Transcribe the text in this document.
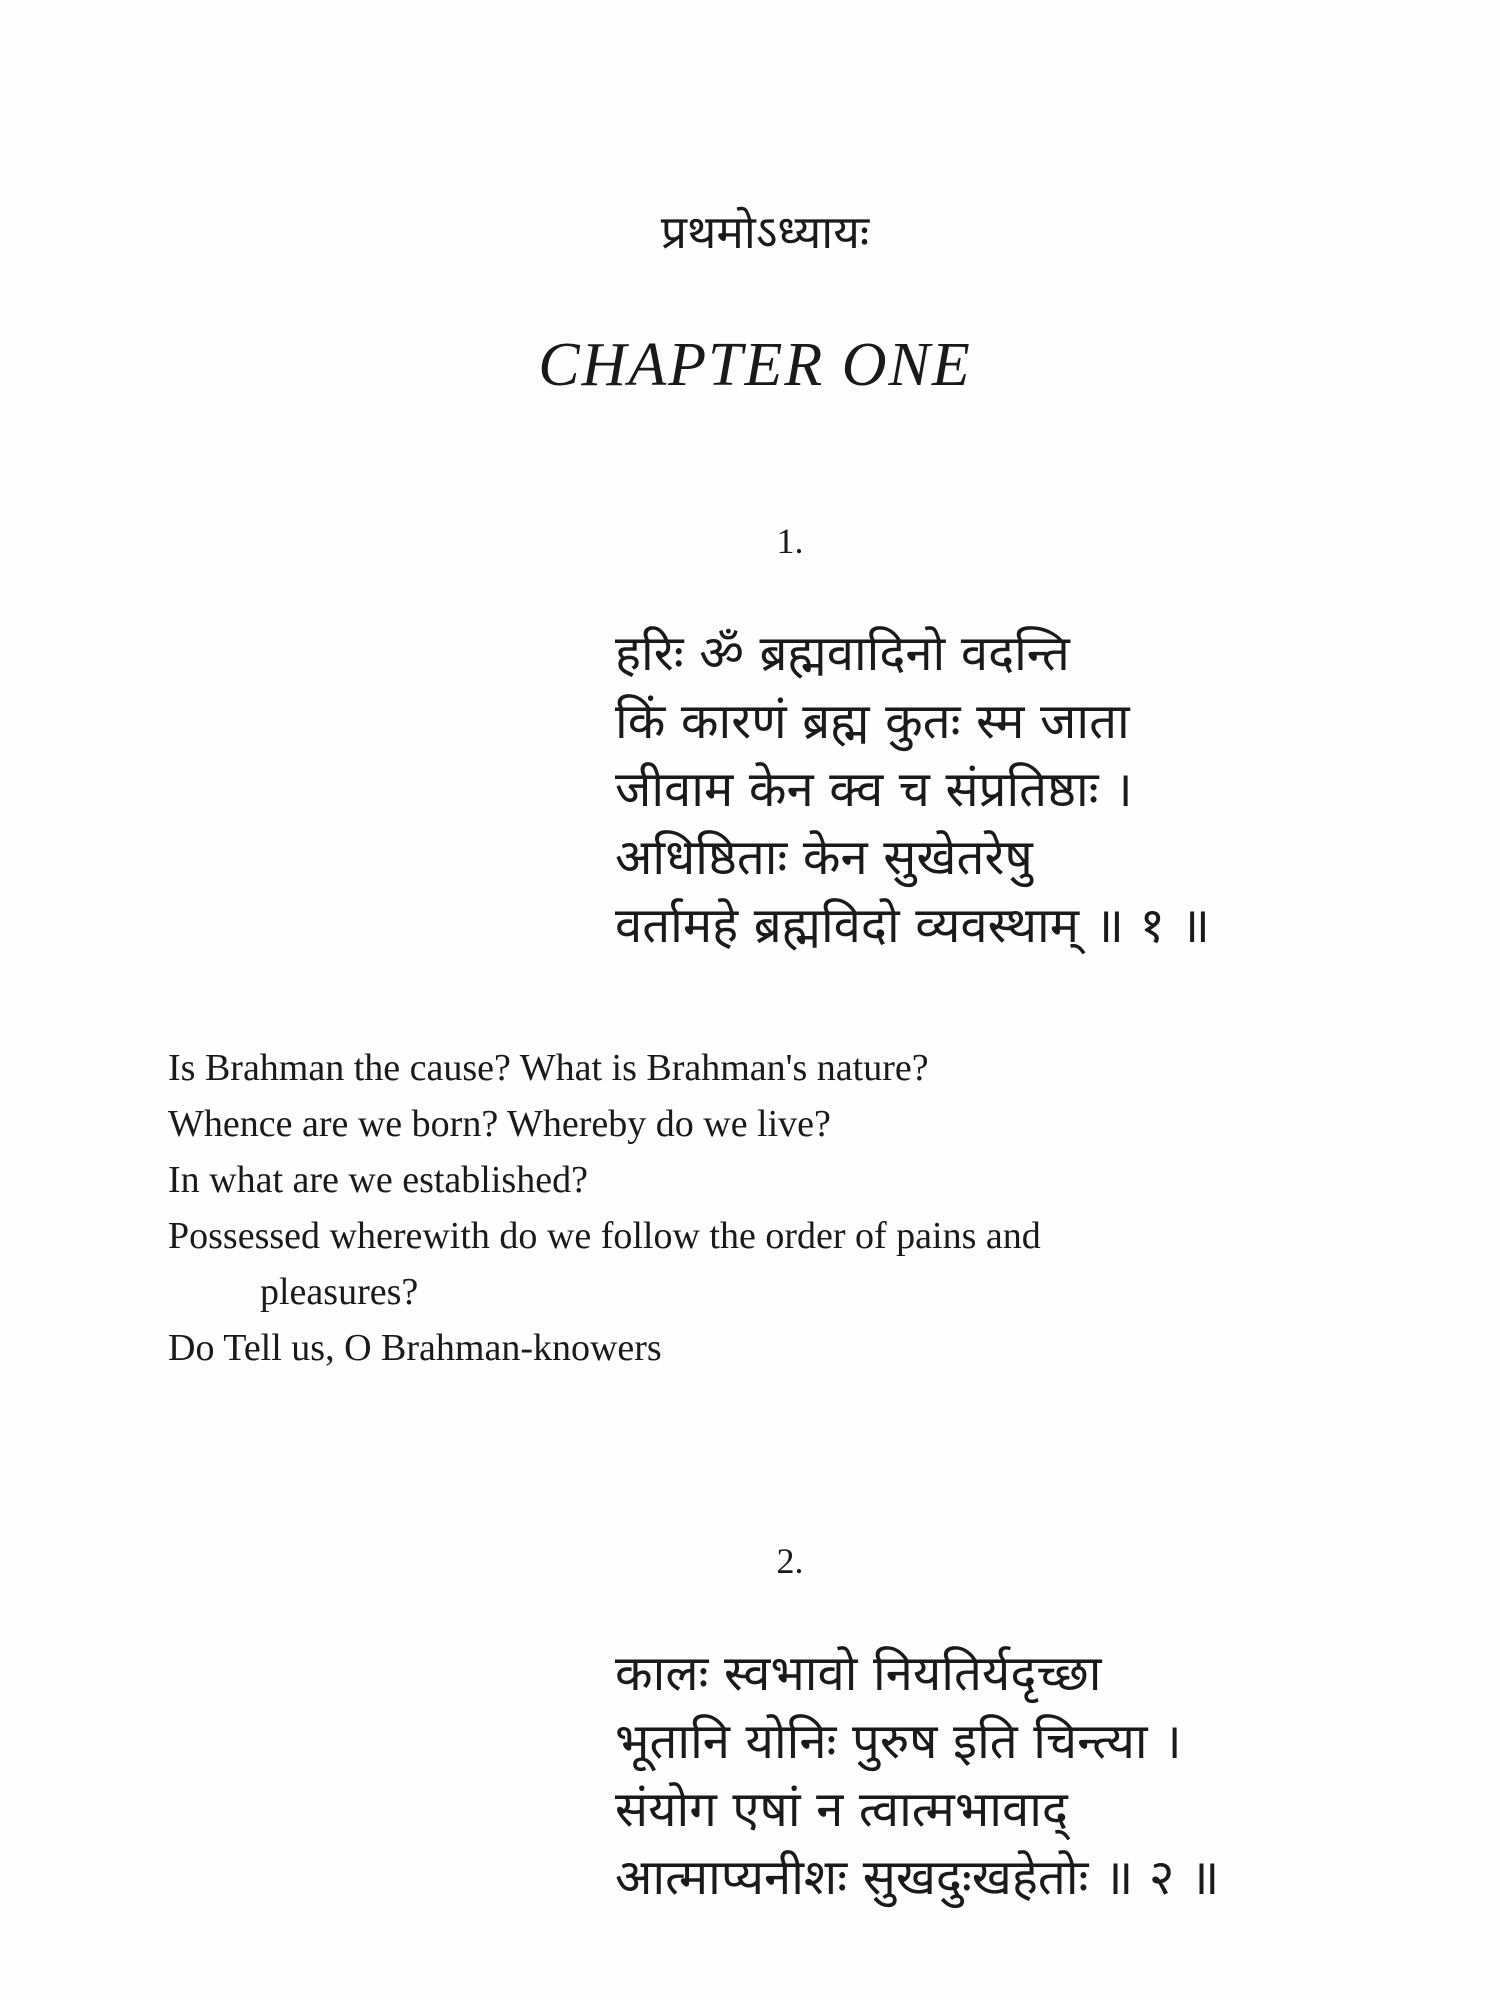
प्रथमोऽध्यायः
CHAPTER ONE
1.
हरिः ॐ ब्रह्मवादिनो वदन्ति
किं कारणं ब्रह्म कुतः स्म जाता
जीवाम केन क्व च संप्रतिष्ठाः ।
अधिष्ठिताः केन सुखेतरेषु
वर्तामहे ब्रह्मविदो व्यवस्थाम् ॥ १ ॥
Is Brahman the cause? What is Brahman's nature?
Whence are we born? Whereby do we live?
In what are we established?
Possessed wherewith do we follow the order of pains and
pleasures?
Do Tell us, O Brahman-knowers
2.
कालः स्वभावो नियतिर्यदृच्छा
भूतानि योनिः पुरुष इति चिन्त्या ।
संयोग एषां न त्वात्मभावाद्
आत्माप्यनीशः सुखदुःखहेतोः ॥ २ ॥
